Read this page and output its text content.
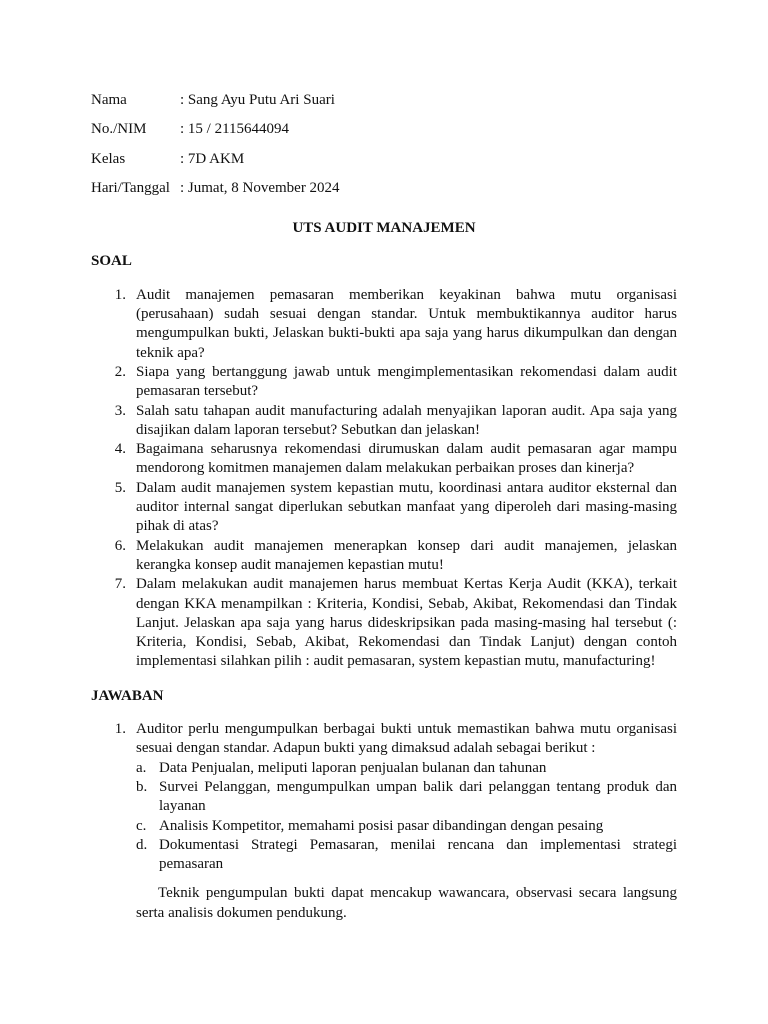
Nama	: Sang Ayu Putu Ari Suari
No./NIM	: 15 / 2115644094
Kelas	: 7D AKM
Hari/Tanggal : Jumat, 8 November 2024
UTS AUDIT MANAJEMEN
SOAL
1. Audit manajemen pemasaran memberikan keyakinan bahwa mutu organisasi (perusahaan) sudah sesuai dengan standar. Untuk membuktikannya auditor harus mengumpulkan bukti, Jelaskan bukti-bukti apa saja yang harus dikumpulkan dan dengan teknik apa?
2. Siapa yang bertanggung jawab untuk mengimplementasikan rekomendasi dalam audit pemasaran tersebut?
3. Salah satu tahapan audit manufacturing adalah menyajikan laporan audit. Apa saja yang disajikan dalam laporan tersebut? Sebutkan dan jelaskan!
4. Bagaimana seharusnya rekomendasi dirumuskan dalam audit pemasaran agar mampu mendorong komitmen manajemen dalam melakukan perbaikan proses dan kinerja?
5. Dalam audit manajemen system kepastian mutu, koordinasi antara auditor eksternal dan auditor internal sangat diperlukan sebutkan manfaat yang diperoleh dari masing-masing pihak di atas?
6. Melakukan audit manajemen menerapkan konsep dari audit manajemen, jelaskan kerangka konsep audit manajemen kepastian mutu!
7. Dalam melakukan audit manajemen harus membuat Kertas Kerja Audit (KKA), terkait dengan KKA menampilkan : Kriteria, Kondisi, Sebab, Akibat, Rekomendasi dan Tindak Lanjut. Jelaskan apa saja yang harus dideskripsikan pada masing-masing hal tersebut (: Kriteria, Kondisi, Sebab, Akibat, Rekomendasi dan Tindak Lanjut) dengan contoh implementasi silahkan pilih : audit pemasaran, system kepastian mutu, manufacturing!
JAWABAN
1. Auditor perlu mengumpulkan berbagai bukti untuk memastikan bahwa mutu organisasi sesuai dengan standar. Adapun bukti yang dimaksud adalah sebagai berikut :
a. Data Penjualan, meliputi laporan penjualan bulanan dan tahunan
b. Survei Pelanggan, mengumpulkan umpan balik dari pelanggan tentang produk dan layanan
c. Analisis Kompetitor, memahami posisi pasar dibandingan dengan pesaing
d. Dokumentasi Strategi Pemasaran, menilai rencana dan implementasi strategi pemasaran
Teknik pengumpulan bukti dapat mencakup wawancara, observasi secara langsung serta analisis dokumen pendukung.
